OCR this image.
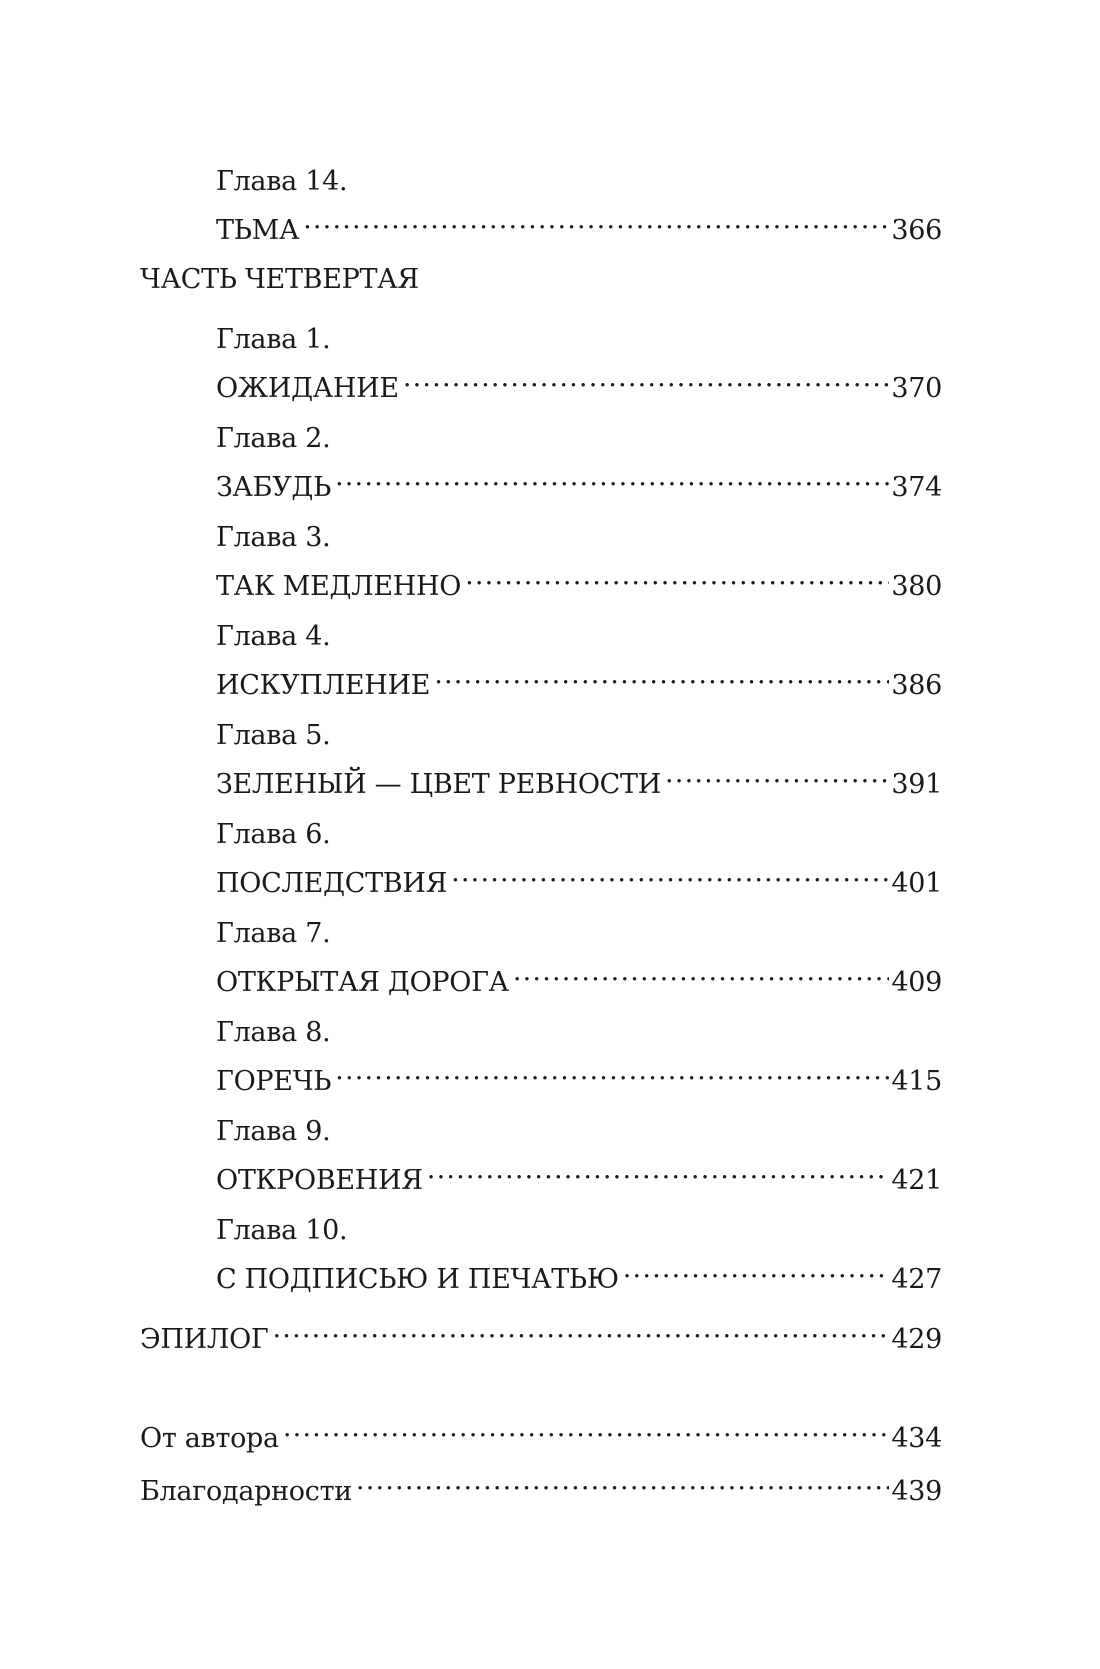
Глава 14.
ТЬМА .....	366
ЧАСТЬ ЧЕТВЕРТАЯ
Глава 1.
ОЖИДАНИЕ .....	370
Глава 2.
ЗАБУДЬ .....	374
Глава 3.
ТАК МЕДЛЕННО .....	380
Глава 4.
ИСКУПЛЕНИЕ .....	386
Глава 5.
ЗЕЛЕНЫЙ — ЦВЕТ РЕВНОСТИ .....	391
Глава 6.
ПОСЛЕДСТВИЯ .....	401
Глава 7.
ОТКРЫТАЯ ДОРОГА .....	409
Глава 8.
ГОРЕЧЬ .....	415
Глава 9.
ОТКРОВЕНИЯ .....	421
Глава 10.
С ПОДПИСЬЮ И ПЕЧАТЬЮ .....	427
ЭПИЛОГ .....	429
От автора .....	434
Благодарности .....	439
